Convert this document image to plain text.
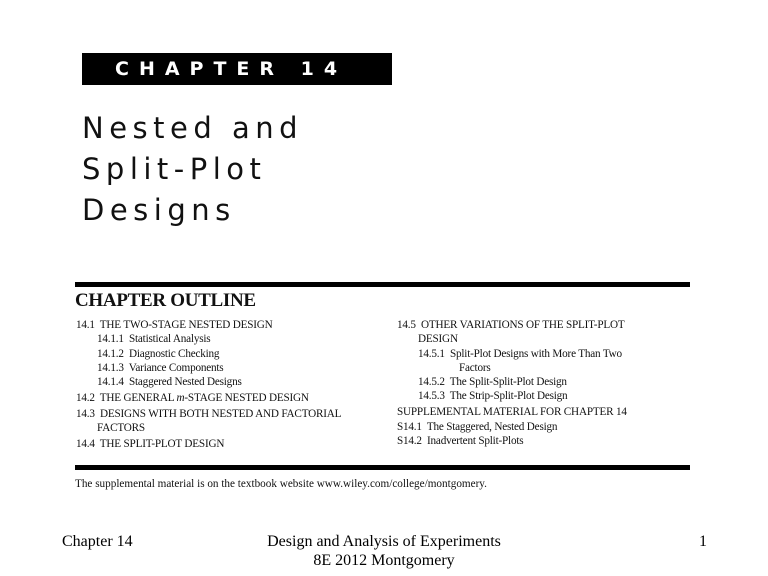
CHAPTER 14
Nested and
Split-Plot
Designs
CHAPTER OUTLINE
14.1 THE TWO-STAGE NESTED DESIGN
14.1.1 Statistical Analysis
14.1.2 Diagnostic Checking
14.1.3 Variance Components
14.1.4 Staggered Nested Designs
14.2 THE GENERAL m-STAGE NESTED DESIGN
14.3 DESIGNS WITH BOTH NESTED AND FACTORIAL
FACTORS
14.4 THE SPLIT-PLOT DESIGN
14.5 OTHER VARIATIONS OF THE SPLIT-PLOT
DESIGN
14.5.1 Split-Plot Designs with More Than Two
Factors
14.5.2 The Split-Split-Plot Design
14.5.3 The Strip-Split-Plot Design
SUPPLEMENTAL MATERIAL FOR CHAPTER 14
S14.1 The Staggered, Nested Design
S14.2 Inadvertent Split-Plots
The supplemental material is on the textbook website www.wiley.com/college/montgomery.
Chapter 14	Design and Analysis of Experiments
8E 2012 Montgomery
1
